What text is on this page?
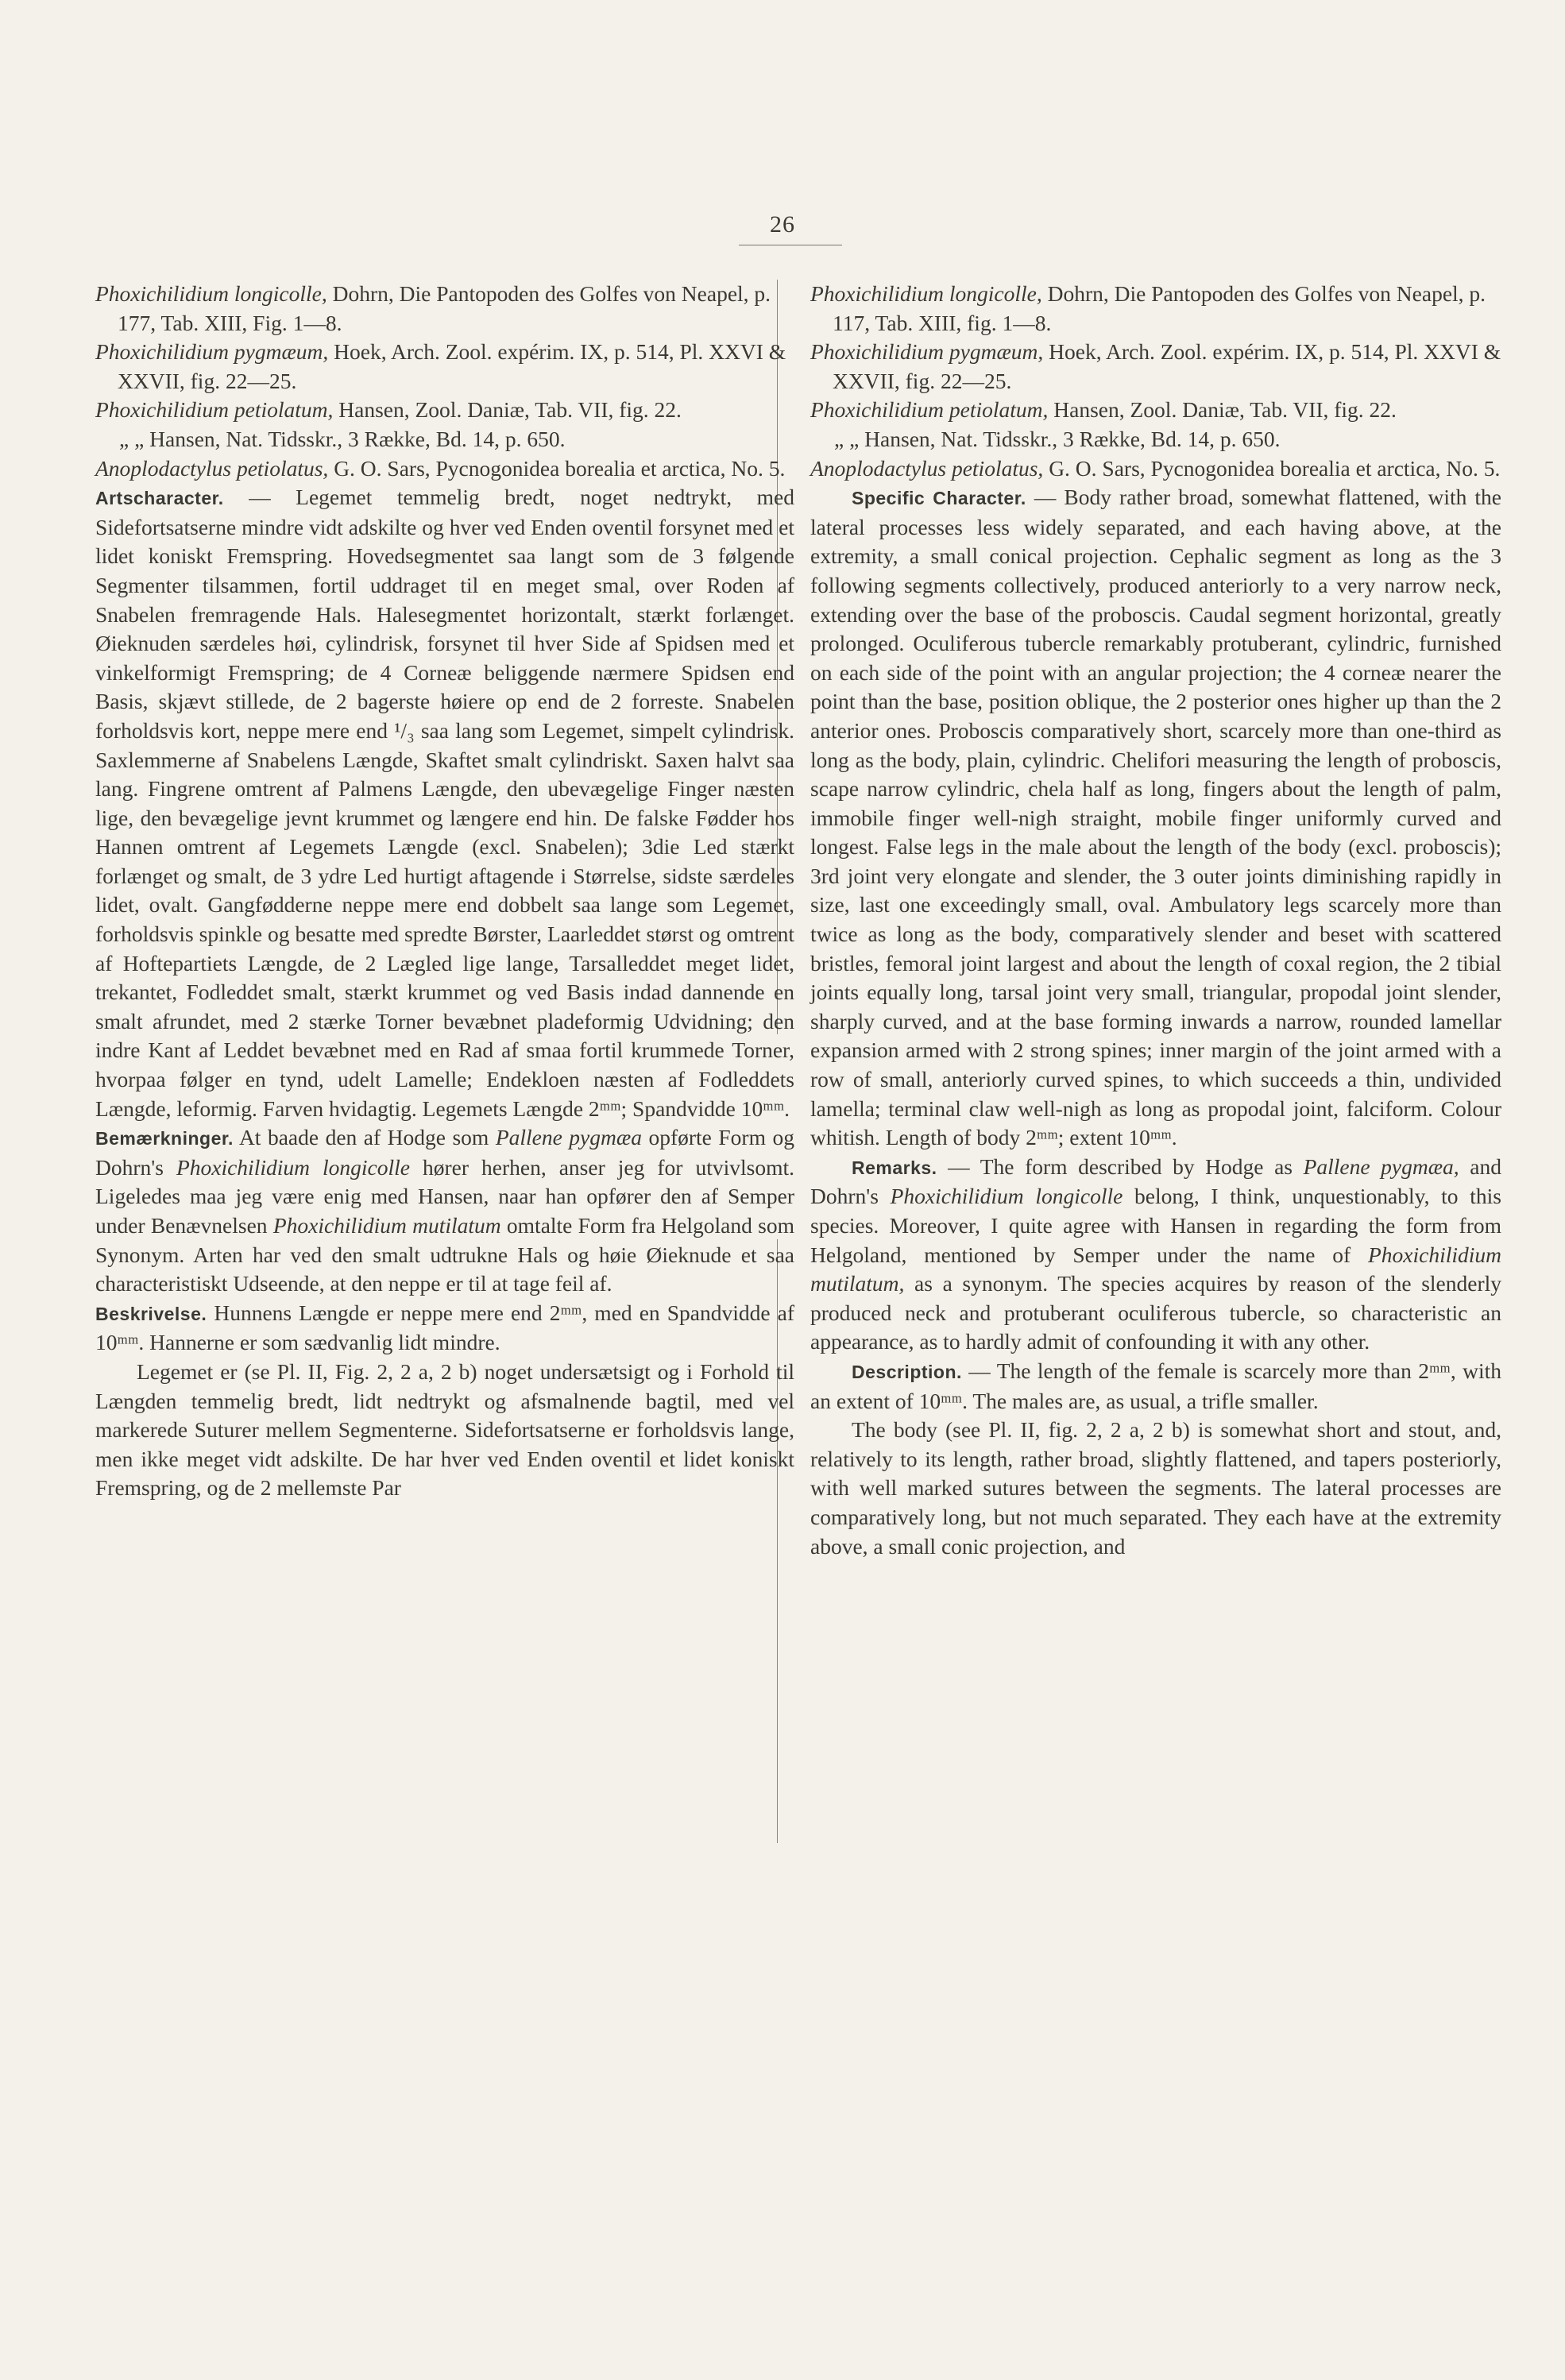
26

Phoxichilidium longicolle, Dohrn, Die Pantopoden des Golfes von Neapel, p. 177, Tab. XIII, Fig. 1—8.

Phoxichilidium pygmæum, Hoek, Arch. Zool. expérim. IX, p. 514, Pl. XXVI & XXVII, fig. 22—25.

Phoxichilidium petiolatum, Hansen, Zool. Daniæ, Tab. VII, fig. 22.

„ „ Hansen, Nat. Tidsskr., 3 Række, Bd. 14, p. 650.

Anoplodactylus petiolatus, G. O. Sars, Pycnogonidea borealia et arctica, No. 5.

Artscharacter. — Legemet temmelig bredt, noget nedtrykt, med Sidefortsatserne mindre vidt adskilte og hver ved Enden oventil forsynet med et lidet koniskt Fremspring. Hovedsegmentet saa langt som de 3 følgende Segmenter tilsammen, fortil uddraget til en meget smal, over Roden af Snabelen fremragende Hals. Halesegmentet horizontalt, stærkt forlænget. Øieknuden særdeles høi, cylindrisk, forsynet til hver Side af Spidsen med et vinkelformigt Fremspring; de 4 Corneæ beliggende nærmere Spidsen end Basis, skjævt stillede, de 2 bagerste høiere op end de 2 forreste. Snabelen forholdsvis kort, neppe mere end ¹/₃ saa lang som Legemet, simpelt cylindrisk. Saxlemmerne af Snabelens Længde, Skaftet smalt cylindriskt. Saxen halvt saa lang. Fingrene omtrent af Palmens Længde, den ubevægelige Finger næsten lige, den bevægelige jevnt krummet og længere end hin. De falske Fødder hos Hannen omtrent af Legemets Længde (excl. Snabelen); 3die Led stærkt forlænget og smalt, de 3 ydre Led hurtigt aftagende i Størrelse, sidste særdeles lidet, ovalt. Gangfødderne neppe mere end dobbelt saa lange som Legemet, forholdsvis spinkle og besatte med spredte Børster, Laarleddet størst og omtrent af Hoftepartiets Længde, de 2 Lægled lige lange, Tarsalleddet meget lidet, trekantet, Fodleddet smalt, stærkt krummet og ved Basis indad dannende en smalt afrundet, med 2 stærke Torner bevæbnet pladeformig Udvidning; den indre Kant af Leddet bevæbnet med en Rad af smaa fortil krummede Torner, hvorpaa følger en tynd, udelt Lamelle; Endekloen næsten af Fodleddets Længde, leformig. Farven hvidagtig. Legemets Længde 2ᵐᵐ; Spandvidde 10ᵐᵐ.

Bemærkninger. At baade den af Hodge som Pallene pygmæa opførte Form og Dohrn's Phoxichilidium longicolle hører herhen, anser jeg for utvivlsomt. Ligeledes maa jeg være enig med Hansen, naar han opfører den af Semper under Benævnelsen Phoxichilidium mutilatum omtalte Form fra Helgoland som Synonym. Arten har ved den smalt udtrukne Hals og høie Øieknude et saa characteristiskt Udseende, at den neppe er til at tage feil af.

Beskrivelse. Hunnens Længde er neppe mere end 2ᵐᵐ, med en Spandvidde af 10ᵐᵐ. Hannerne er som sædvanlig lidt mindre.

Legemet er (se Pl. II, Fig. 2, 2 a, 2 b) noget undersætsigt og i Forhold til Længden temmelig bredt, lidt nedtrykt og afsmalnende bagtil, med vel markerede Suturer mellem Segmenterne. Sidefortsatserne er forholdsvis lange, men ikke meget vidt adskilte. De har hver ved Enden oventil et lidet koniskt Fremspring, og de 2 mellemste Par

Phoxichilidium longicolle, Dohrn, Die Pantopoden des Golfes von Neapel, p. 117, Tab. XIII, fig. 1—8.

Phoxichilidium pygmæum, Hoek, Arch. Zool. expérim. IX, p. 514, Pl. XXVI & XXVII, fig. 22—25.

Phoxichilidium petiolatum, Hansen, Zool. Daniæ, Tab. VII, fig. 22.

„ „ Hansen, Nat. Tidsskr., 3 Række, Bd. 14, p. 650.

Anoplodactylus petiolatus, G. O. Sars, Pycnogonidea borealia et arctica, No. 5.

Specific Character. — Body rather broad, somewhat flattened, with the lateral processes less widely separated, and each having above, at the extremity, a small conical projection. Cephalic segment as long as the 3 following segments collectively, produced anteriorly to a very narrow neck, extending over the base of the proboscis. Caudal segment horizontal, greatly prolonged. Oculiferous tubercle remarkably protuberant, cylindric, furnished on each side of the point with an angular projection; the 4 corneæ nearer the point than the base, position oblique, the 2 posterior ones higher up than the 2 anterior ones. Proboscis comparatively short, scarcely more than one-third as long as the body, plain, cylindric. Chelifori measuring the length of proboscis, scape narrow cylindric, chela half as long, fingers about the length of palm, immobile finger well-nigh straight, mobile finger uniformly curved and longest. False legs in the male about the length of the body (excl. proboscis); 3rd joint very elongate and slender, the 3 outer joints diminishing rapidly in size, last one exceedingly small, oval. Ambulatory legs scarcely more than twice as long as the body, comparatively slender and beset with scattered bristles, femoral joint largest and about the length of coxal region, the 2 tibial joints equally long, tarsal joint very small, triangular, propodal joint slender, sharply curved, and at the base forming inwards a narrow, rounded lamellar expansion armed with 2 strong spines; inner margin of the joint armed with a row of small, anteriorly curved spines, to which succeeds a thin, undivided lamella; terminal claw well-nigh as long as propodal joint, falciform. Colour whitish. Length of body 2ᵐᵐ; extent 10ᵐᵐ.

Remarks. — The form described by Hodge as Pallene pygmæa, and Dohrn's Phoxichilidium longicolle belong, I think, unquestionably, to this species. Moreover, I quite agree with Hansen in regarding the form from Helgoland, mentioned by Semper under the name of Phoxichilidium mutilatum, as a synonym. The species acquires by reason of the slenderly produced neck and protuberant oculiferous tubercle, so characteristic an appearance, as to hardly admit of confounding it with any other.

Description. — The length of the female is scarcely more than 2ᵐᵐ, with an extent of 10ᵐᵐ. The males are, as usual, a trifle smaller.

The body (see Pl. II, fig. 2, 2 a, 2 b) is somewhat short and stout, and, relatively to its length, rather broad, slightly flattened, and tapers posteriorly, with well marked sutures between the segments. The lateral processes are comparatively long, but not much separated. They each have at the extremity above, a small conic projection, and
